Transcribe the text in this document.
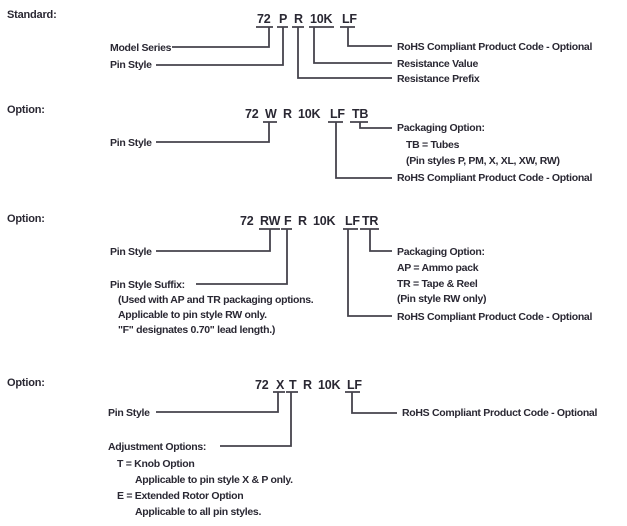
Standard:	72 P R 10K LF
Model Series
Pin Style
RoHS Compliant Product Code - Optional
Resistance Value
Resistance Prefix
Option:	72 W R 10K LF TB
Pin Style
Packaging Option:
TB = Tubes
(Pin styles P, PM, X, XL, XW, RW)
RoHS Compliant Product Code - Optional
Option:	72 RW F R 10K LF TR
Pin Style
Pin Style Suffix:
(Used with AP and TR packaging options.
Applicable to pin style RW only.
"F" designates 0.70" lead length.)
Packaging Option:
AP = Ammo pack
TR = Tape & Reel
(Pin style RW only)
RoHS Compliant Product Code - Optional
Option:	72 X T R 10K LF
Pin Style
Adjustment Options:
T = Knob Option
Applicable to pin style X & P only.
E = Extended Rotor Option
Applicable to all pin styles.
RoHS Compliant Product Code - Optional
